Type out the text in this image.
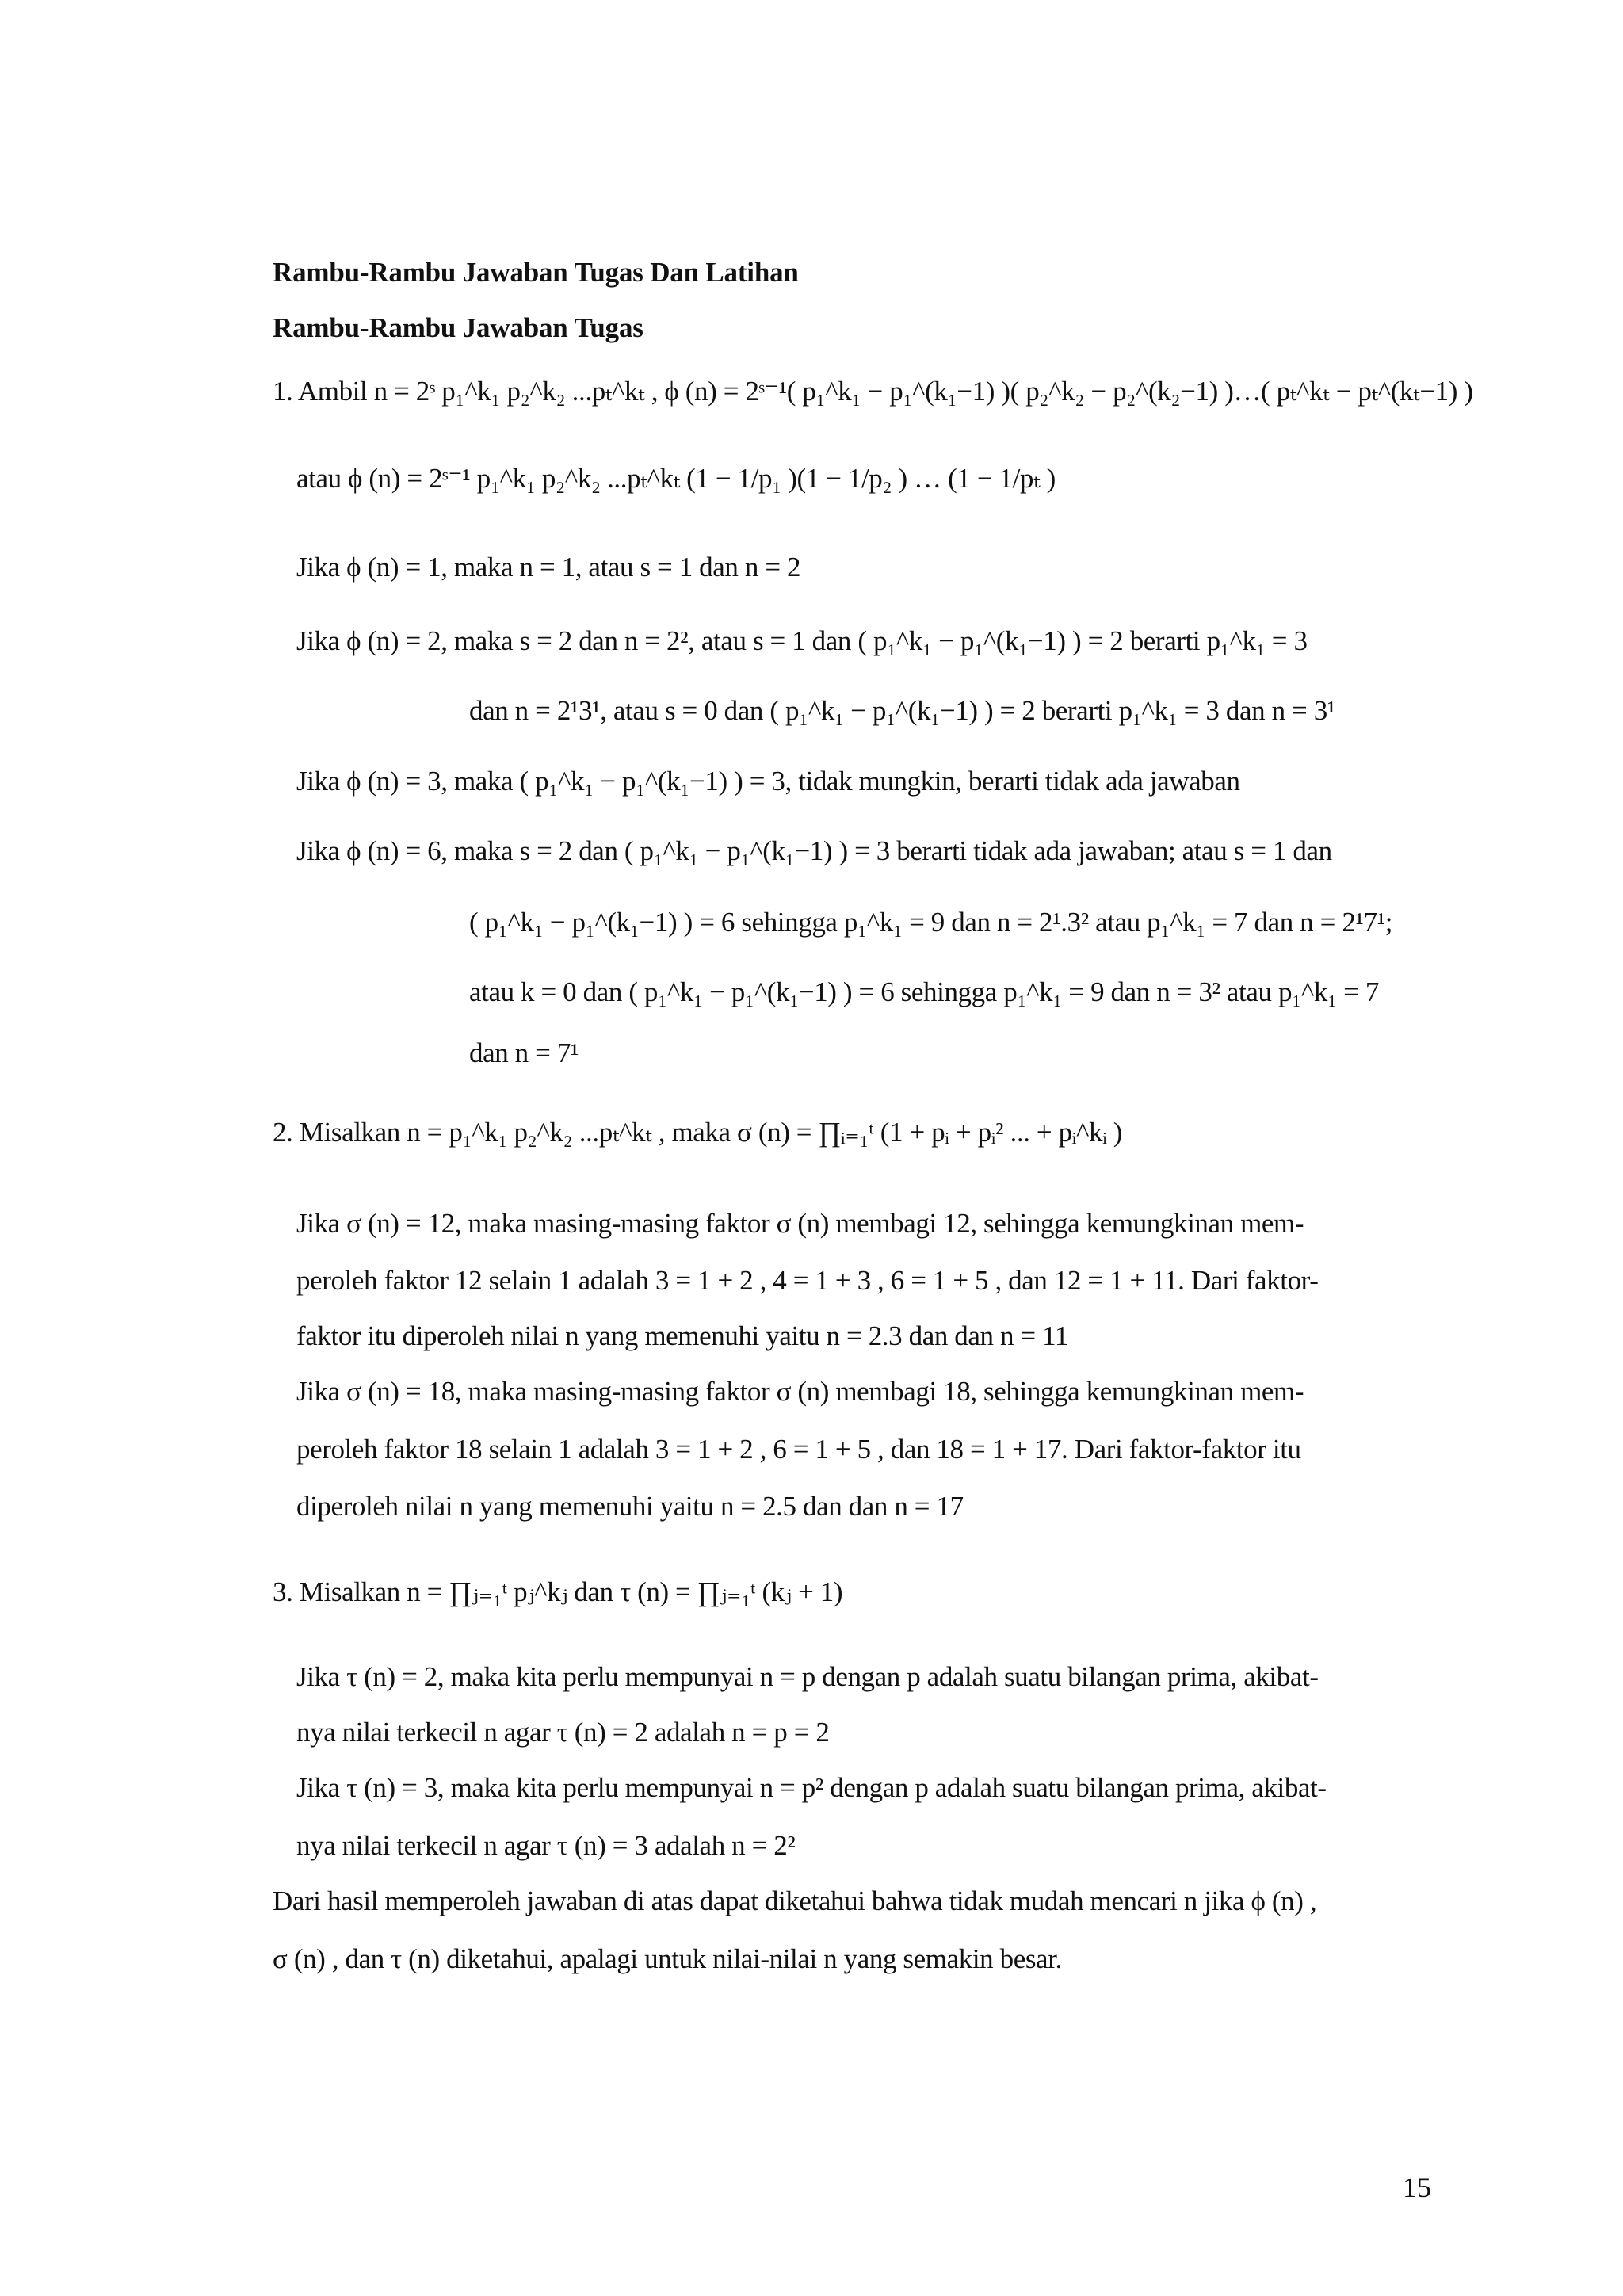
Rambu-Rambu Jawaban Tugas Dan Latihan
Rambu-Rambu Jawaban Tugas
1. Ambil n = 2ˢ p₁^k₁ p₂^k₂ ...pₜ^kₜ , ϕ (n) = 2ˢ⁻¹( p₁^k₁ − p₁^(k₁−1) )( p₂^k₂ − p₂^(k₂−1) )…( pₜ^kₜ − pₜ^(kₜ−1) )
atau ϕ (n) = 2ˢ⁻¹ p₁^k₁ p₂^k₂ ...pₜ^kₜ (1 − 1/p₁ )(1 − 1/p₂ ) … (1 − 1/pₜ )
Jika ϕ (n) = 1, maka n = 1, atau s = 1 dan n = 2
Jika ϕ (n) = 2, maka s = 2 dan n = 2², atau s = 1 dan ( p₁^k₁ − p₁^(k₁−1) ) = 2 berarti p₁^k₁ = 3
dan n = 2¹3¹, atau s = 0 dan ( p₁^k₁ − p₁^(k₁−1) ) = 2 berarti p₁^k₁ = 3 dan n = 3¹
Jika ϕ (n) = 3, maka ( p₁^k₁ − p₁^(k₁−1) ) = 3, tidak mungkin, berarti tidak ada jawaban
Jika ϕ (n) = 6, maka s = 2 dan ( p₁^k₁ − p₁^(k₁−1) ) = 3 berarti tidak ada jawaban; atau s = 1 dan
( p₁^k₁ − p₁^(k₁−1) ) = 6 sehingga p₁^k₁ = 9 dan n = 2¹.3² atau p₁^k₁ = 7 dan n = 2¹7¹;
atau k = 0 dan ( p₁^k₁ − p₁^(k₁−1) ) = 6 sehingga p₁^k₁ = 9 dan n = 3² atau p₁^k₁ = 7
dan n = 7¹
2. Misalkan n = p₁^k₁ p₂^k₂ ...pₜ^kₜ , maka σ (n) = ∏ᵢ₌₁ᵗ (1 + pᵢ + pᵢ² ... + pᵢ^kᵢ )
Jika σ (n) = 12, maka masing-masing faktor σ (n) membagi 12, sehingga kemungkinan mem-
peroleh faktor 12 selain 1 adalah 3 = 1 + 2 , 4 = 1 + 3 , 6 = 1 + 5 , dan 12 = 1 + 11. Dari faktor-
faktor itu diperoleh nilai n yang memenuhi yaitu n = 2.3 dan dan n = 11
Jika σ (n) = 18, maka masing-masing faktor σ (n) membagi 18, sehingga kemungkinan mem-
peroleh faktor 18 selain 1 adalah 3 = 1 + 2 , 6 = 1 + 5 , dan 18 = 1 + 17. Dari faktor-faktor itu
diperoleh nilai n yang memenuhi yaitu n = 2.5 dan dan n = 17
3. Misalkan n = ∏ⱼ₌₁ᵗ pⱼ^kⱼ dan τ (n) = ∏ⱼ₌₁ᵗ (kⱼ + 1)
Jika τ (n) = 2, maka kita perlu mempunyai n = p dengan p adalah suatu bilangan prima, akibat-
nya nilai terkecil n agar τ (n) = 2 adalah n = p = 2
Jika τ (n) = 3, maka kita perlu mempunyai n = p² dengan p adalah suatu bilangan prima, akibat-
nya nilai terkecil n agar τ (n) = 3 adalah n = 2²
Dari hasil memperoleh jawaban di atas dapat diketahui bahwa tidak mudah mencari n jika ϕ (n) ,
σ (n) , dan τ (n) diketahui, apalagi untuk nilai-nilai n yang semakin besar.
15
